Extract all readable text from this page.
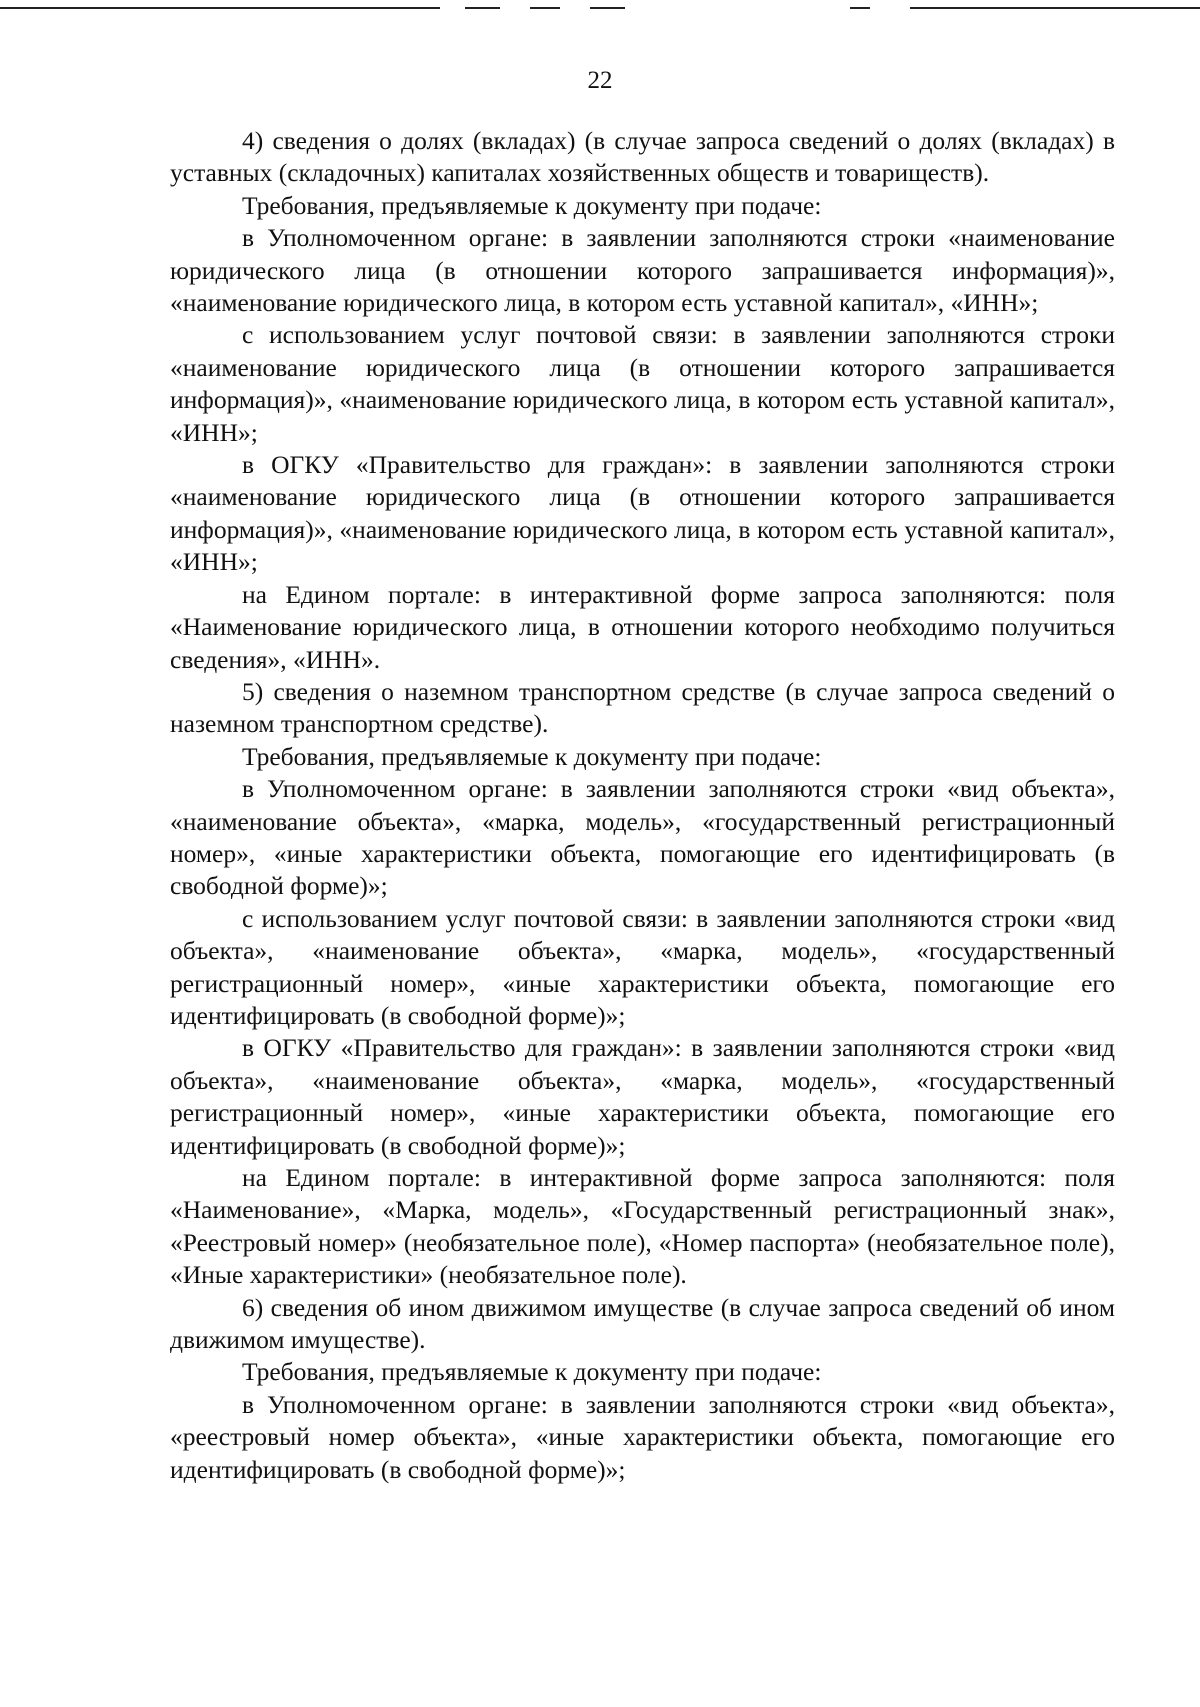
22

4) сведения о долях (вкладах) (в случае запроса сведений о долях (вкладах) в уставных (складочных) капиталах хозяйственных обществ и товариществ).

Требования, предъявляемые к документу при подаче:

в Уполномоченном органе: в заявлении заполняются строки «наименование юридического лица (в отношении которого запрашивается информация)», «наименование юридического лица, в котором есть уставной капитал», «ИНН»;

с использованием услуг почтовой связи: в заявлении заполняются строки «наименование юридического лица (в отношении которого запрашивается информация)», «наименование юридического лица, в котором есть уставной капитал», «ИНН»;

в ОГКУ «Правительство для граждан»: в заявлении заполняются строки «наименование юридического лица (в отношении которого запрашивается информация)», «наименование юридического лица, в котором есть уставной капитал», «ИНН»;

на Едином портале: в интерактивной форме запроса заполняются: поля «Наименование юридического лица, в отношении которого необходимо получиться сведения», «ИНН».

5) сведения о наземном транспортном средстве (в случае запроса сведений о наземном транспортном средстве).

Требования, предъявляемые к документу при подаче:

в Уполномоченном органе: в заявлении заполняются строки «вид объекта», «наименование объекта», «марка, модель», «государственный регистрационный номер», «иные характеристики объекта, помогающие его идентифицировать (в свободной форме)»;

с использованием услуг почтовой связи: в заявлении заполняются строки «вид объекта», «наименование объекта», «марка, модель», «государственный регистрационный номер», «иные характеристики объекта, помогающие его идентифицировать (в свободной форме)»;

в ОГКУ «Правительство для граждан»: в заявлении заполняются строки «вид объекта», «наименование объекта», «марка, модель», «государственный регистрационный номер», «иные характеристики объекта, помогающие его идентифицировать (в свободной форме)»;

на Едином портале: в интерактивной форме запроса заполняются: поля «Наименование», «Марка, модель», «Государственный регистрационный знак», «Реестровый номер» (необязательное поле), «Номер паспорта» (необязательное поле), «Иные характеристики» (необязательное поле).

6) сведения об ином движимом имуществе (в случае запроса сведений об ином движимом имуществе).

Требования, предъявляемые к документу при подаче:

в Уполномоченном органе: в заявлении заполняются строки «вид объекта», «реестровый номер объекта», «иные характеристики объекта, помогающие его идентифицировать (в свободной форме)»;
